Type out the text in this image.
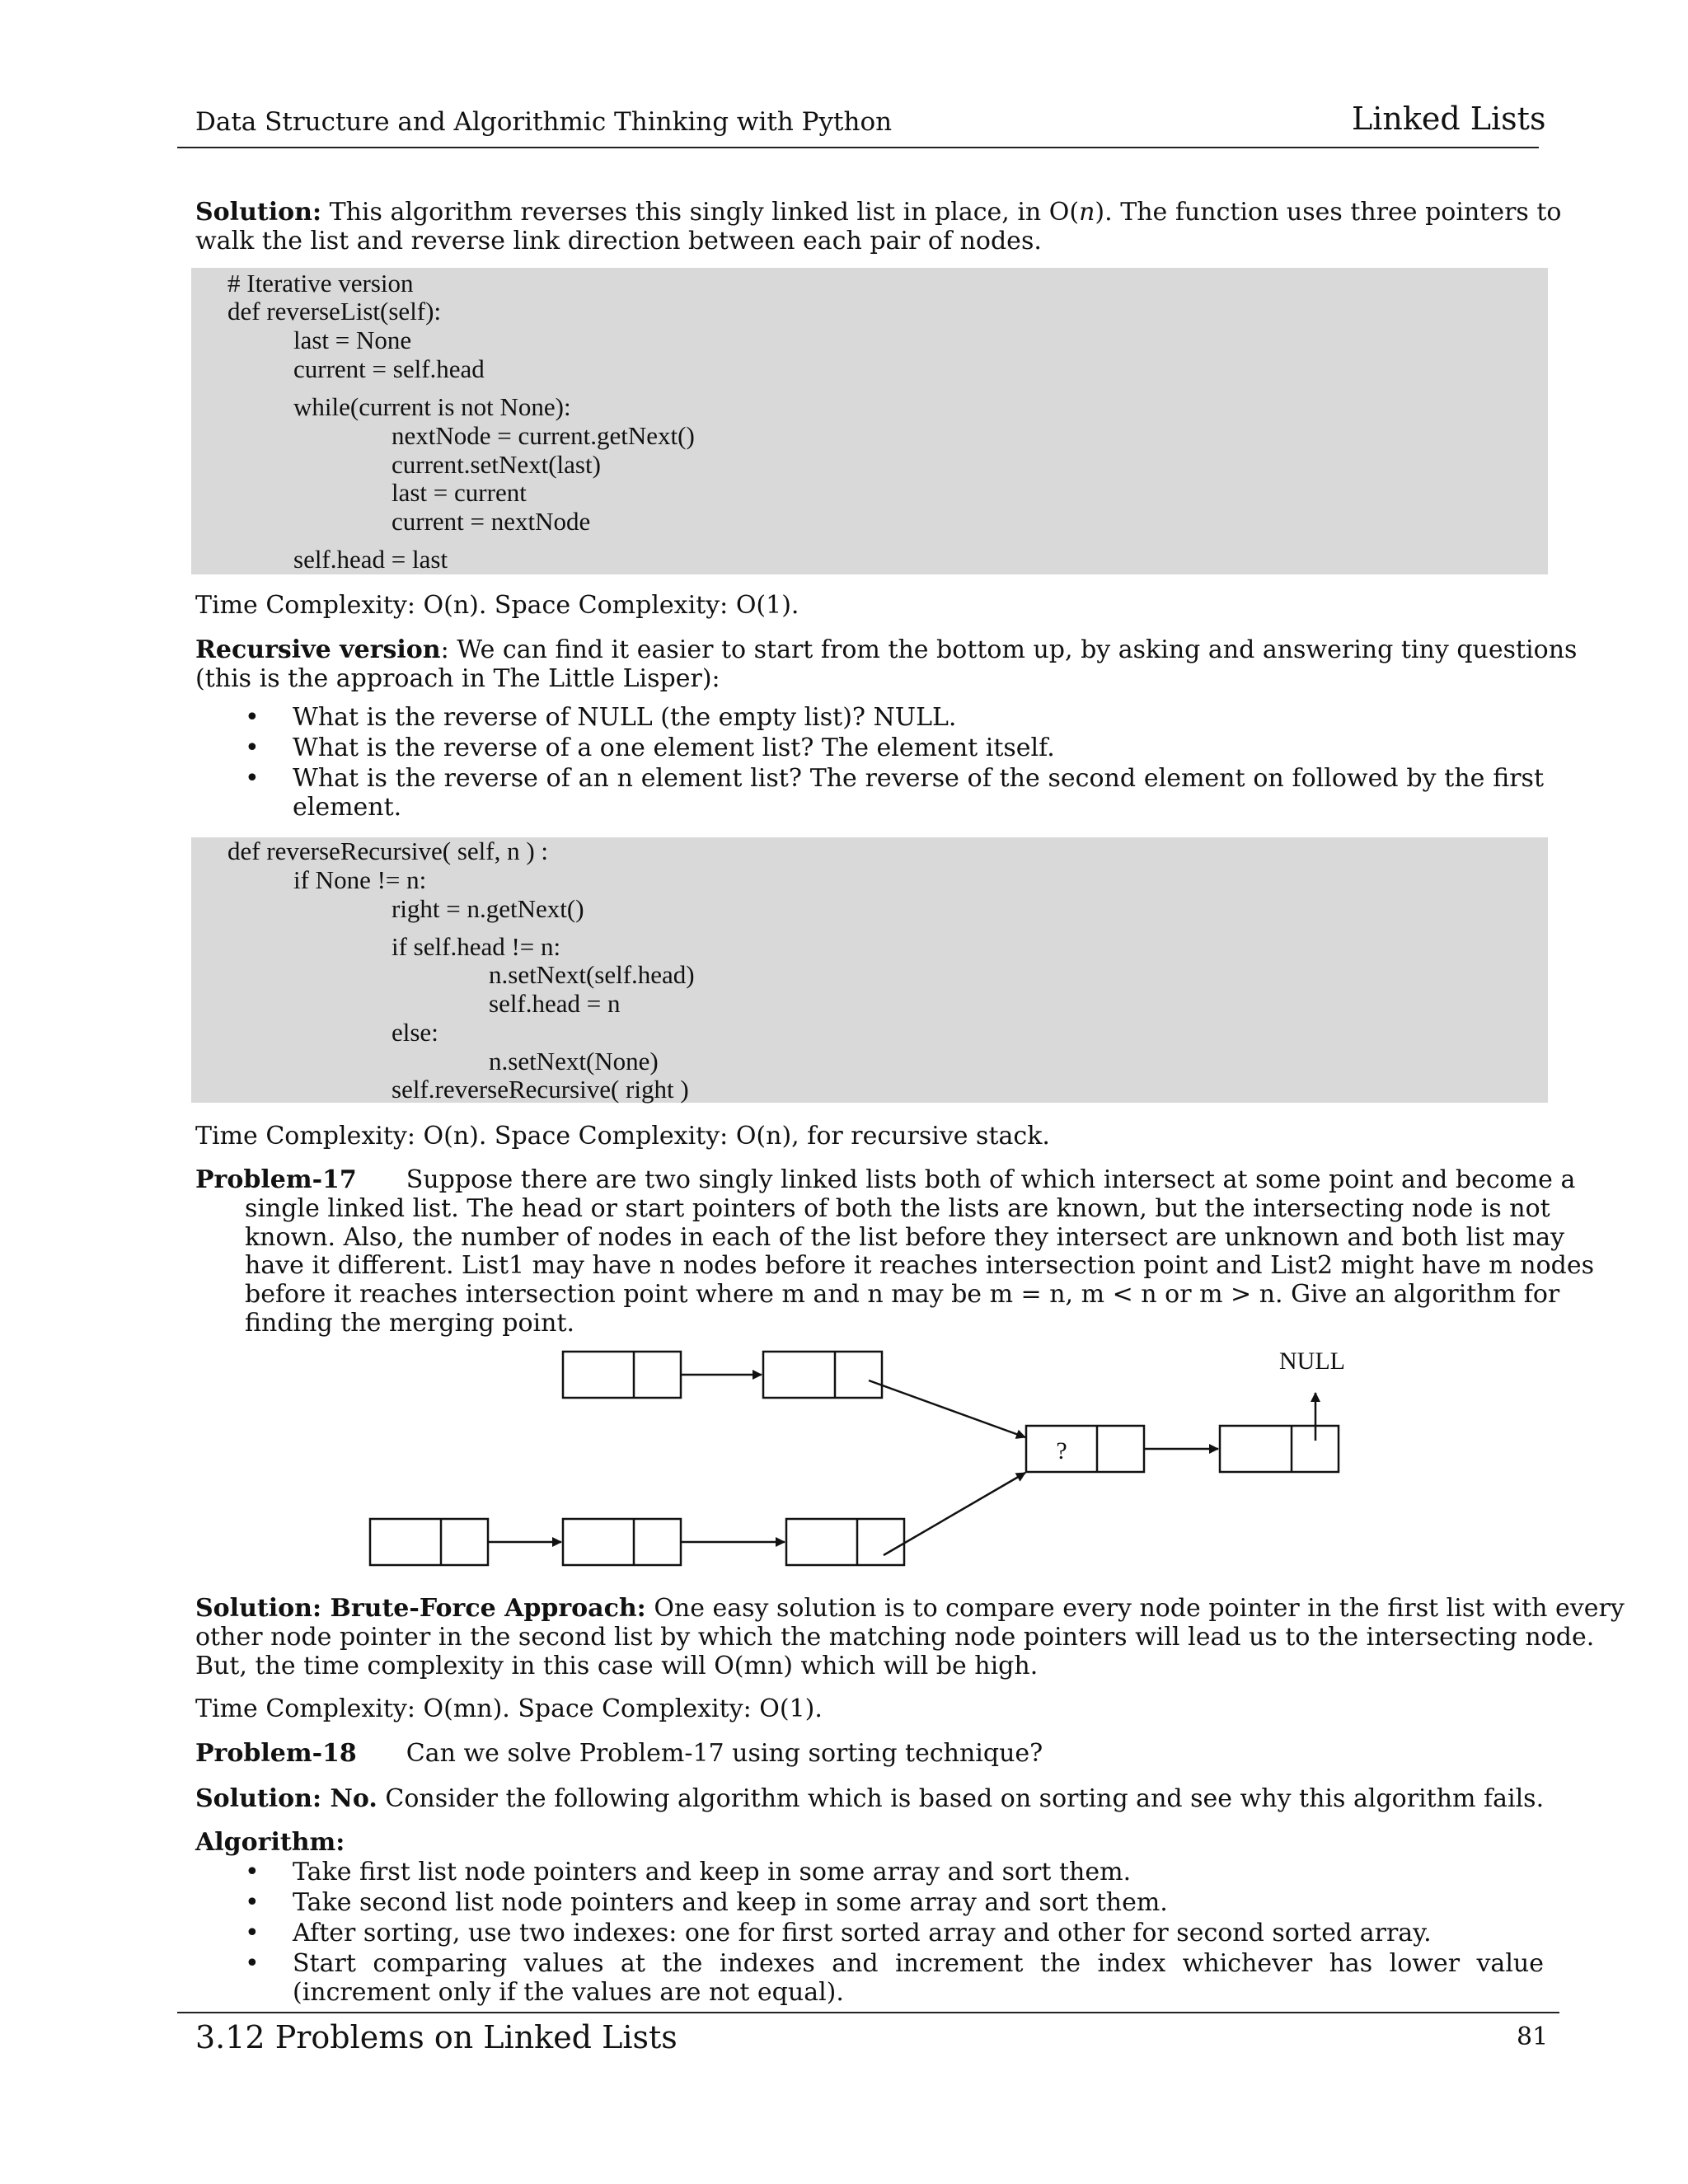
Data Structure and Algorithmic Thinking with Python	Linked Lists
Solution: This algorithm reverses this singly linked list in place, in O(n). The function uses three pointers to
walk the list and reverse link direction between each pair of nodes.
# Iterative version
def reverseList(self):
last = None
current = self.head
while(current is not None):
nextNode = current.getNext()
current.setNext(last)
last = current
current = nextNode
self.head = last
Time Complexity: O(n). Space Complexity: O(1).
Recursive version: We can find it easier to start from the bottom up, by asking and answering tiny questions
(this is the approach in The Little Lisper):
• What is the reverse of NULL (the empty list)? NULL.
• What is the reverse of a one element list? The element itself.
• What is the reverse of an n element list? The reverse of the second element on followed by the first element.
def reverseRecursive( self, n ) :
if None != n:
right = n.getNext()
if self.head != n:
n.setNext(self.head)
self.head = n
else:
n.setNext(None)
self.reverseRecursive( right )
Time Complexity: O(n). Space Complexity: O(n), for recursive stack.
Problem-17 Suppose there are two singly linked lists both of which intersect at some point and become a
single linked list. The head or start pointers of both the lists are known, but the intersecting node is not
known. Also, the number of nodes in each of the list before they intersect are unknown and both list may
have it different. List1 may have n nodes before it reaches intersection point and List2 might have m nodes
before it reaches intersection point where m and n may be m = n, m < n or m > n. Give an algorithm for
finding the merging point.
NULL
?
Solution: Brute-Force Approach: One easy solution is to compare every node pointer in the first list with every
other node pointer in the second list by which the matching node pointers will lead us to the intersecting node.
But, the time complexity in this case will O(mn) which will be high.
Time Complexity: O(mn). Space Complexity: O(1).
Problem-18 Can we solve Problem-17 using sorting technique?
Solution: No. Consider the following algorithm which is based on sorting and see why this algorithm fails.
Algorithm:
• Take first list node pointers and keep in some array and sort them.
• Take second list node pointers and keep in some array and sort them.
• After sorting, use two indexes: one for first sorted array and other for second sorted array.
• Start comparing values at the indexes and increment the index whichever has lower value (increment only if the values are not equal).
3.12 Problems on Linked Lists	81
